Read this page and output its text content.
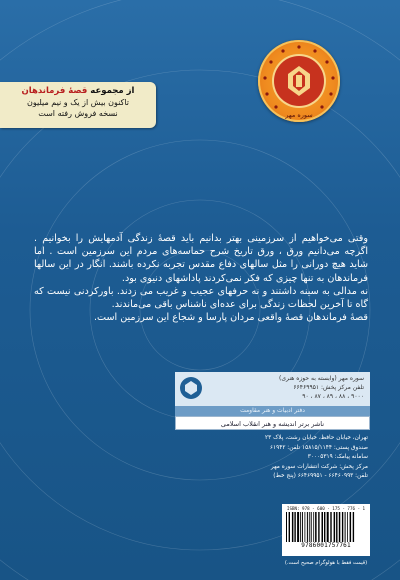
از مجموعه قصهٔ فرماندهان
تاکنون بیش از یک و نیم میلیون
نسخه فروش رفته است	سوره مهر

وقتی می‌خواهیم از سرزمینی بهتر بدانیم باید قصهٔ زندگی آدمهایش را بخوانیم . اگرچه می‌دانیم ورق ، ورق تاریخ شرح حماسه‌های مردم این سرزمین است . اما شاید هیچ دورانی را مثل سالهای دفاع مقدس تجربه نکرده باشند. انگار در این سالها فرماندهان به تنها چیزی که فکر نمی‌کردند پاداشهای دنیوی بود.

نه مدالی به سینه داشتند و نه حرفهای عجیب و غریب می زدند. باورکردنی نیست که گاه تا آخرین لحظات زندگی برای عده‌ای ناشناس باقی می‌ماندند.

قصهٔ فرماندهان قصهٔ واقعی مردان پارسا و شجاع این سرزمین است.

سوره مهر (وابسته به حوزه هنری)
تلفن مرکز پخش: ۶۶۴۶۹۹۵۱
۹۰۰۰ ، ۸۸ ، ۸۹ ، ۸۷ ، ۹۰
دفتر ادبیات و هنر مقاومت
ناشر برتر اندیشه و هنر انقلاب اسلامی
تهران، خیابان حافظ، خیابان رشت، پلاک ۲۳
صندوق پستی: ۱۵۸۱۵/۱۱۴۴ تلفن: ۶۱۹۴۲
سامانه پیامک: ۳۰۰۰۵۳۱۹
مرکز پخش: شرکت انتشارات سوره مهر
تلفن: ۶۶۴۶۰۹۹۳ - ۶۶۴۶۹۹۵۱ (پنج خط)
ISBN: 978 - 600 - 175 - 776 - 1
9786001757761
(قیمت فقط با هولوگرام صحیح است.)
